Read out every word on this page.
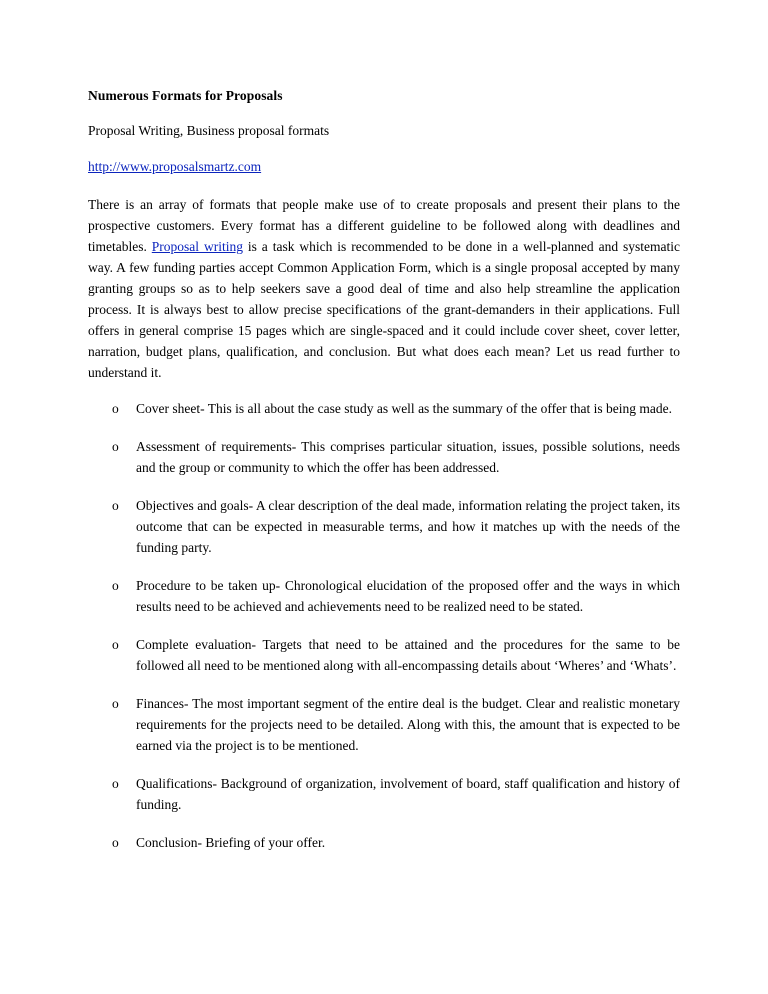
Numerous Formats for Proposals

Proposal Writing, Business proposal formats

http://www.proposalsmartz.com

There is an array of formats that people make use of to create proposals and present their plans to the prospective customers. Every format has a different guideline to be followed along with deadlines and timetables. Proposal writing is a task which is recommended to be done in a well-planned and systematic way. A few funding parties accept Common Application Form, which is a single proposal accepted by many granting groups so as to help seekers save a good deal of time and also help streamline the application process. It is always best to allow precise specifications of the grant-demanders in their applications. Full offers in general comprise 15 pages which are single-spaced and it could include cover sheet, cover letter, narration, budget plans, qualification, and conclusion. But what does each mean? Let us read further to understand it.

o	Cover sheet- This is all about the case study as well as the summary of the offer that is being made.
o	Assessment of requirements- This comprises particular situation, issues, possible solutions, needs and the group or community to which the offer has been addressed.
o	Objectives and goals- A clear description of the deal made, information relating the project taken, its outcome that can be expected in measurable terms, and how it matches up with the needs of the funding party.
o	Procedure to be taken up- Chronological elucidation of the proposed offer and the ways in which results need to be achieved and achievements need to be realized need to be stated.
o	Complete evaluation- Targets that need to be attained and the procedures for the same to be followed all need to be mentioned along with all-encompassing details about ‘Wheres’ and ‘Whats’.
o	Finances- The most important segment of the entire deal is the budget. Clear and realistic monetary requirements for the projects need to be detailed. Along with this, the amount that is expected to be earned via the project is to be mentioned.
o	Qualifications- Background of organization, involvement of board, staff qualification and history of funding.
o	Conclusion- Briefing of your offer.
